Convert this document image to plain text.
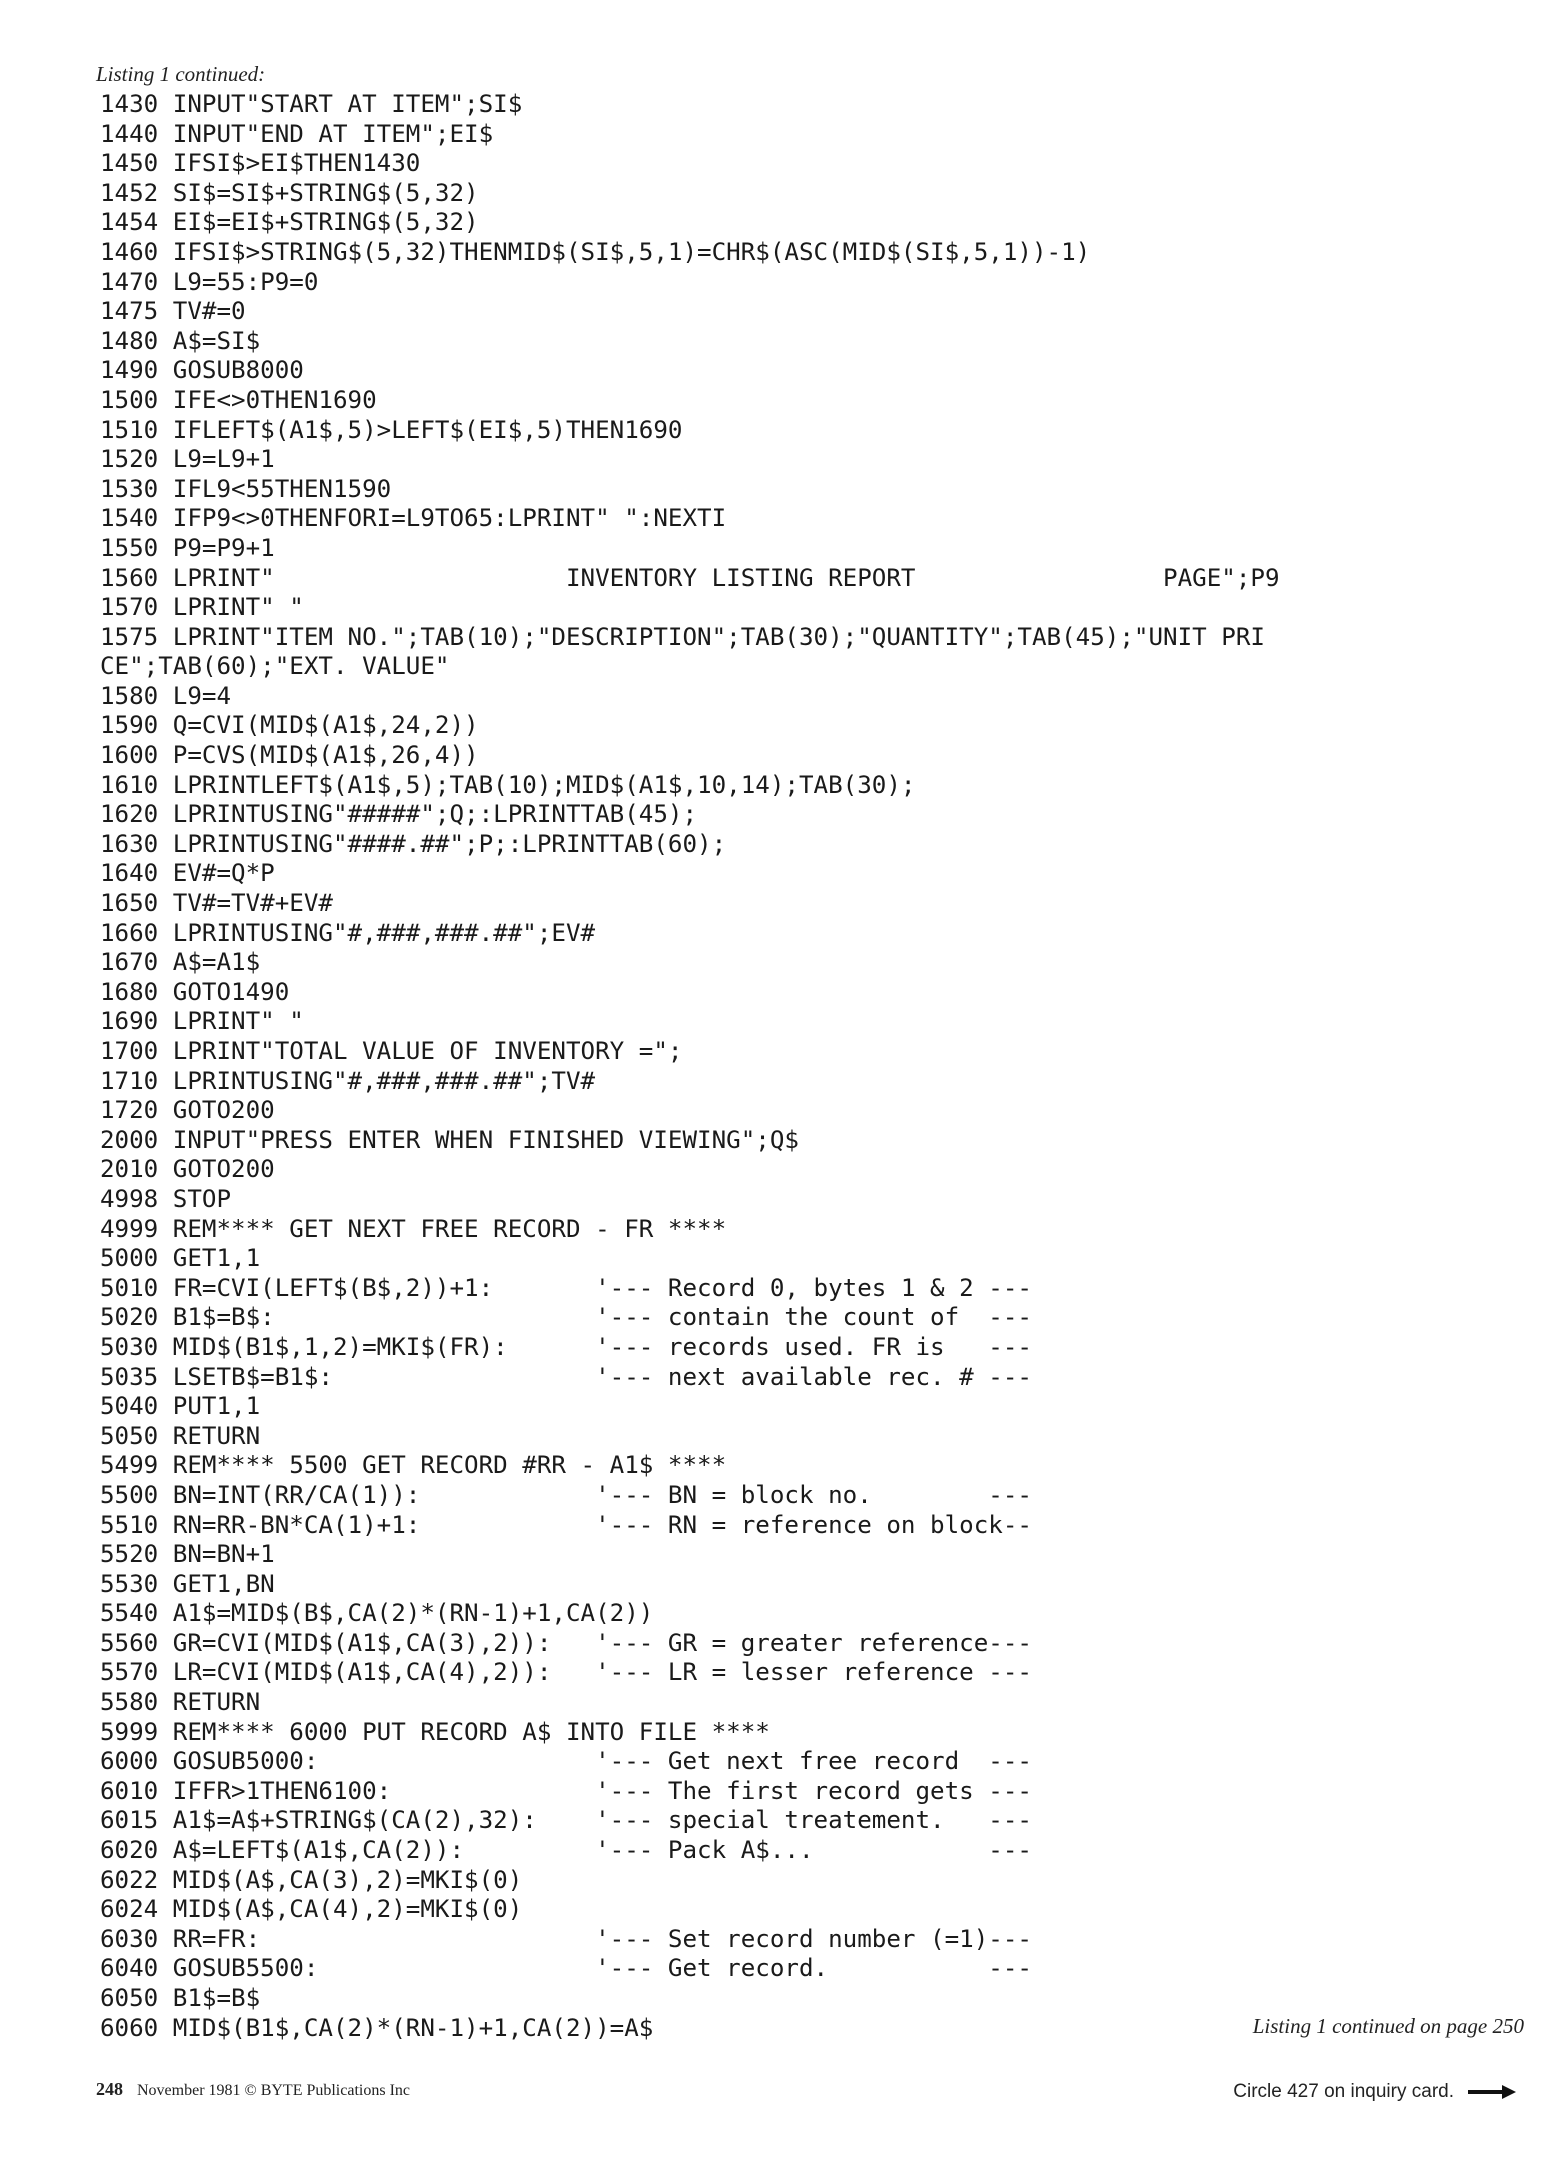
Listing 1 continued:
1430 INPUT"START AT ITEM";SI$
1440 INPUT"END AT ITEM";EI$
1450 IFSI$>EI$THEN1430
1452 SI$=SI$+STRING$(5,32)
1454 EI$=EI$+STRING$(5,32)
1460 IFSI$>STRING$(5,32)THENMID$(SI$,5,1)=CHR$(ASC(MID$(SI$,5,1))-1)
1470 L9=55:P9=0
1475 TV#=0
1480 A$=SI$
1490 GOSUB8000
1500 IFE<>0THEN1690
1510 IFLEFT$(A1$,5)>LEFT$(EI$,5)THEN1690
1520 L9=L9+1
1530 IFL9<55THEN1590
1540 IFP9<>0THENFORI=L9TO65:LPRINT" ":NEXTI
1550 P9=P9+1
1560 LPRINT"                    INVENTORY LISTING REPORT                 PAGE";P9
1570 LPRINT" "
1575 LPRINT"ITEM NO.";TAB(10);"DESCRIPTION";TAB(30);"QUANTITY";TAB(45);"UNIT PRI
CE";TAB(60);"EXT. VALUE"
1580 L9=4
1590 Q=CVI(MID$(A1$,24,2))
1600 P=CVS(MID$(A1$,26,4))
1610 LPRINTLEFT$(A1$,5);TAB(10);MID$(A1$,10,14);TAB(30);
1620 LPRINTUSING"#####";Q;:LPRINTTAB(45);
1630 LPRINTUSING"####.##";P;:LPRINTTAB(60);
1640 EV#=Q*P
1650 TV#=TV#+EV#
1660 LPRINTUSING"#,###,###.##";EV#
1670 A$=A1$
1680 GOTO1490
1690 LPRINT" "
1700 LPRINT"TOTAL VALUE OF INVENTORY =";
1710 LPRINTUSING"#,###,###.##";TV#
1720 GOTO200
2000 INPUT"PRESS ENTER WHEN FINISHED VIEWING";Q$
2010 GOTO200
4998 STOP
4999 REM**** GET NEXT FREE RECORD - FR ****
5000 GET1,1
5010 FR=CVI(LEFT$(B$,2))+1:       '--- Record 0, bytes 1 & 2 ---
5020 B1$=B$:                      '--- contain the count of  ---
5030 MID$(B1$,1,2)=MKI$(FR):      '--- records used. FR is   ---
5035 LSETB$=B1$:                  '--- next available rec. # ---
5040 PUT1,1
5050 RETURN
5499 REM**** 5500 GET RECORD #RR - A1$ ****
5500 BN=INT(RR/CA(1)):            '--- BN = block no.        ---
5510 RN=RR-BN*CA(1)+1:            '--- RN = reference on block--
5520 BN=BN+1
5530 GET1,BN
5540 A1$=MID$(B$,CA(2)*(RN-1)+1,CA(2))
5560 GR=CVI(MID$(A1$,CA(3),2)):   '--- GR = greater reference---
5570 LR=CVI(MID$(A1$,CA(4),2)):   '--- LR = lesser reference ---
5580 RETURN
5999 REM**** 6000 PUT RECORD A$ INTO FILE ****
6000 GOSUB5000:                   '--- Get next free record  ---
6010 IFFR>1THEN6100:              '--- The first record gets ---
6015 A1$=A$+STRING$(CA(2),32):    '--- special treatement.   ---
6020 A$=LEFT$(A1$,CA(2)):         '--- Pack A$...            ---
6022 MID$(A$,CA(3),2)=MKI$(0)
6024 MID$(A$,CA(4),2)=MKI$(0)
6030 RR=FR:                       '--- Set record number (=1)---
6040 GOSUB5500:                   '--- Get record.           ---
6050 B1$=B$
6060 MID$(B1$,CA(2)*(RN-1)+1,CA(2))=A$	Listing 1 continued on page 250
248 November 1981 © BYTE Publications Inc	Circle 427 on inquiry card.
